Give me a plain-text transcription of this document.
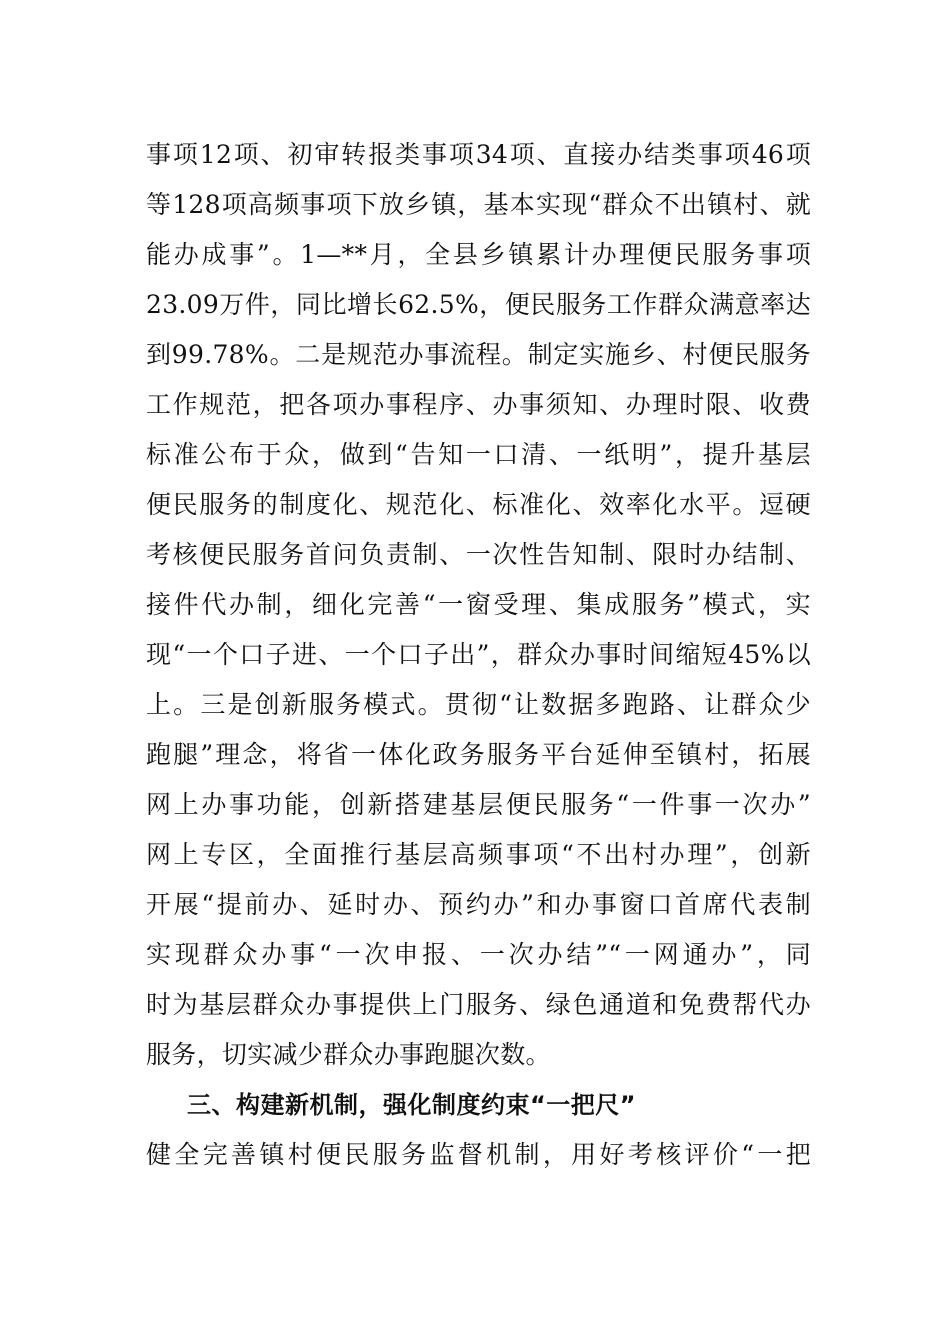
事项12项、初审转报类事项34项、直接办结类事项46项
等128项高频事项下放乡镇，基本实现“群众不出镇村、就
能办成事”。1—**月，全县乡镇累计办理便民服务事项
23.09万件，同比增长62.5%，便民服务工作群众满意率达
到99.78%。二是规范办事流程。制定实施乡、村便民服务
工作规范，把各项办事程序、办事须知、办理时限、收费
标准公布于众，做到“告知一口清、一纸明”，提升基层
便民服务的制度化、规范化、标准化、效率化水平。逗硬
考核便民服务首问负责制、一次性告知制、限时办结制、
接件代办制，细化完善“一窗受理、集成服务”模式，实
现“一个口子进、一个口子出”，群众办事时间缩短45%以
上。三是创新服务模式。贯彻“让数据多跑路、让群众少
跑腿”理念，将省一体化政务服务平台延伸至镇村，拓展
网上办事功能，创新搭建基层便民服务“一件事一次办”
网上专区，全面推行基层高频事项“不出村办理”，创新
开展“提前办、延时办、预约办”和办事窗口首席代表制
实现群众办事“一次申报、一次办结”“一网通办”，同
时为基层群众办事提供上门服务、绿色通道和免费帮代办
服务，切实减少群众办事跑腿次数。
三、构建新机制，强化制度约束“一把尺”
健全完善镇村便民服务监督机制，用好考核评价“一把
